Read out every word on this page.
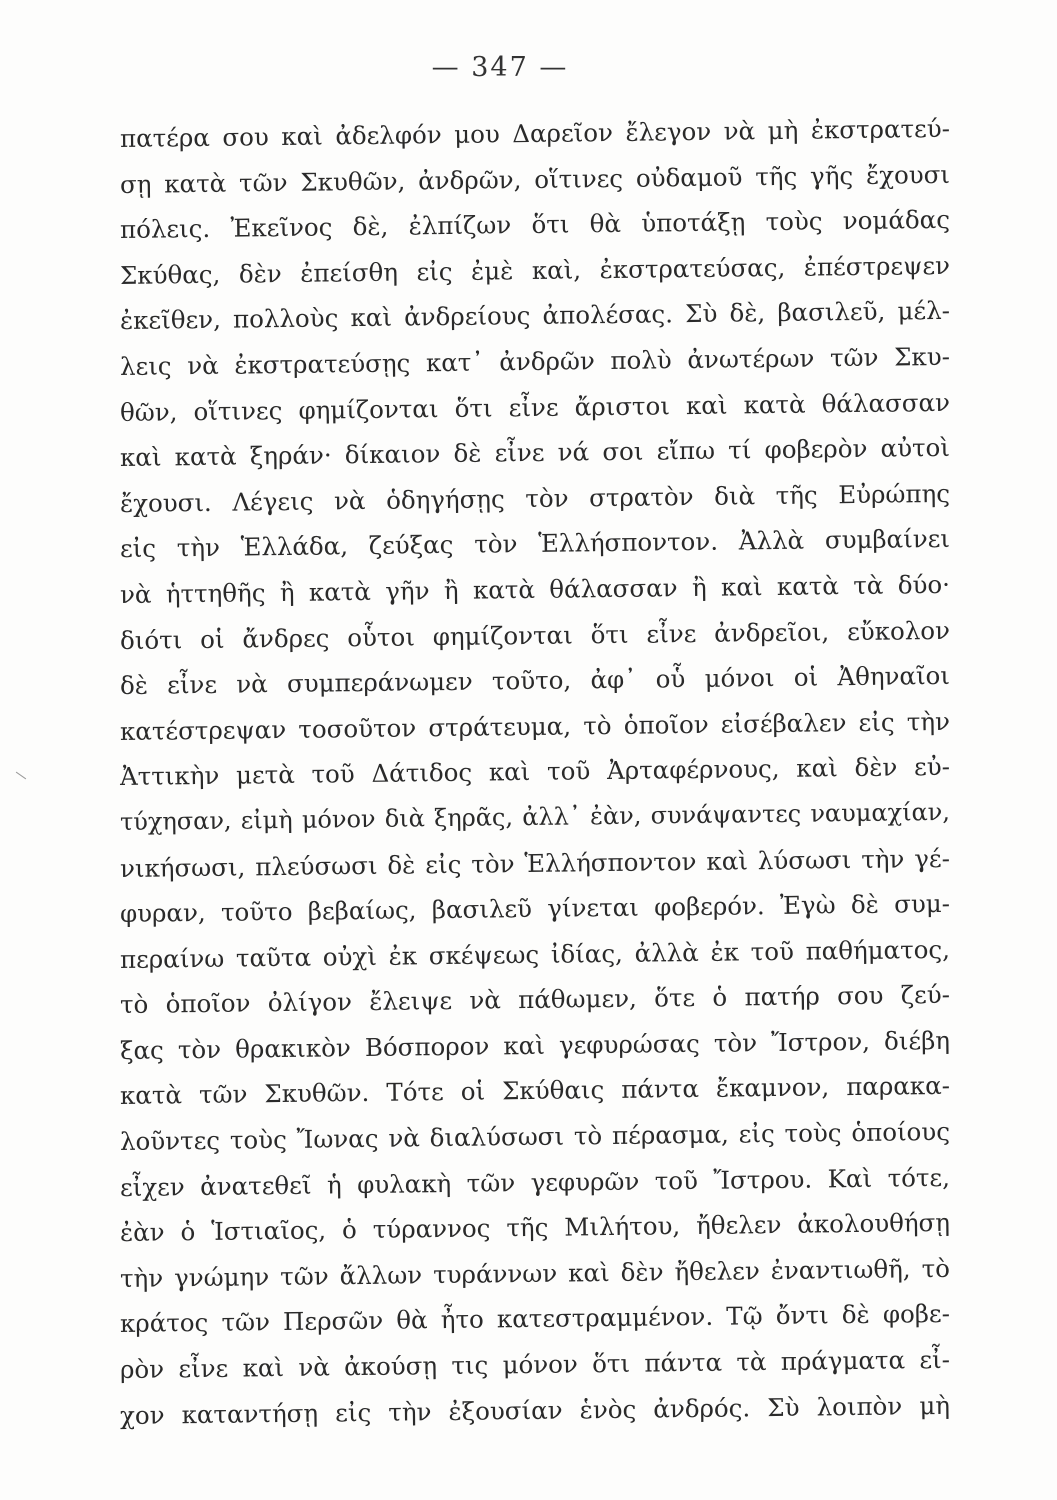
— 347 —
πατέρα σου καὶ ἀδελφόν μου Δαρεῖον ἔλεγον νὰ μὴ ἐκστρατεύ-
σῃ κατὰ τῶν Σκυθῶν, ἀνδρῶν, οἵτινες οὐδαμοῦ τῆς γῆς ἔχουσι
πόλεις. Ἐκεῖνος δὲ, ἐλπίζων ὅτι θὰ ὑποτάξῃ τοὺς νομάδας
Σκύθας, δὲν ἐπείσθη εἰς ἐμὲ καὶ, ἐκστρατεύσας, ἐπέστρεψεν
ἐκεῖθεν, πολλοὺς καὶ ἀνδρείους ἀπολέσας. Σὺ δὲ, βασιλεῦ, μέλ-
λεις νὰ ἐκστρατεύσῃς κατ᾽ ἀνδρῶν πολὺ ἀνωτέρων τῶν Σκυ-
θῶν, οἵτινες φημίζονται ὅτι εἶνε ἄριστοι καὶ κατὰ θάλασσαν
καὶ κατὰ ξηράν· δίκαιον δὲ εἶνε νά σοι εἴπω τί φοβερὸν αὐτοὶ
ἔχουσι. Λέγεις νὰ ὁδηγήσῃς τὸν στρατὸν διὰ τῆς Εὐρώπης
εἰς τὴν Ἑλλάδα, ζεύξας τὸν Ἑλλήσποντον. Ἀλλὰ συμβαίνει
νὰ ἡττηθῆς ἢ κατὰ γῆν ἢ κατὰ θάλασσαν ἢ καὶ κατὰ τὰ δύο·
διότι οἱ ἄνδρες οὗτοι φημίζονται ὅτι εἶνε ἀνδρεῖοι, εὔκολον
δὲ εἶνε νὰ συμπεράνωμεν τοῦτο, ἀφ᾽ οὗ μόνοι οἱ Ἀθηναῖοι
κατέστρεψαν τοσοῦτον στράτευμα, τὸ ὁποῖον εἰσέβαλεν εἰς τὴν
Ἀττικὴν μετὰ τοῦ Δάτιδος καὶ τοῦ Ἀρταφέρνους, καὶ δὲν εὐ-
τύχησαν, εἰμὴ μόνον διὰ ξηρᾶς, ἀλλ᾽ ἐὰν, συνάψαντες ναυμαχίαν,
νικήσωσι, πλεύσωσι δὲ εἰς τὸν Ἑλλήσποντον καὶ λύσωσι τὴν γέ-
φυραν, τοῦτο βεβαίως, βασιλεῦ γίνεται φοβερόν. Ἐγὼ δὲ συμ-
περαίνω ταῦτα οὐχὶ ἐκ σκέψεως ἰδίας, ἀλλὰ ἐκ τοῦ παθήματος,
τὸ ὁποῖον ὀλίγον ἔλειψε νὰ πάθωμεν, ὅτε ὁ πατήρ σου ζεύ-
ξας τὸν θρακικὸν Βόσπορον καὶ γεφυρώσας τὸν Ἴστρον, διέβη
κατὰ τῶν Σκυθῶν. Τότε οἱ Σκύθαις πάντα ἔκαμνον, παρακα-
λοῦντες τοὺς Ἴωνας νὰ διαλύσωσι τὸ πέρασμα, εἰς τοὺς ὁποίους
εἶχεν ἀνατεθεῖ ἡ φυλακὴ τῶν γεφυρῶν τοῦ Ἴστρου. Καὶ τότε,
ἐὰν ὁ Ἱστιαῖος, ὁ τύραννος τῆς Μιλήτου, ἤθελεν ἀκολουθήσῃ
τὴν γνώμην τῶν ἄλλων τυράννων καὶ δὲν ἤθελεν ἐναντιωθῆ, τὸ
κράτος τῶν Περσῶν θὰ ἦτο κατεστραμμένον. Τῷ ὄντι δὲ φοβε-
ρὸν εἶνε καὶ νὰ ἀκούσῃ τις μόνον ὅτι πάντα τὰ πράγματα εἶ-
χον καταντήσῃ εἰς τὴν ἐξουσίαν ἑνὸς ἀνδρός. Σὺ λοιπὸν μὴ
